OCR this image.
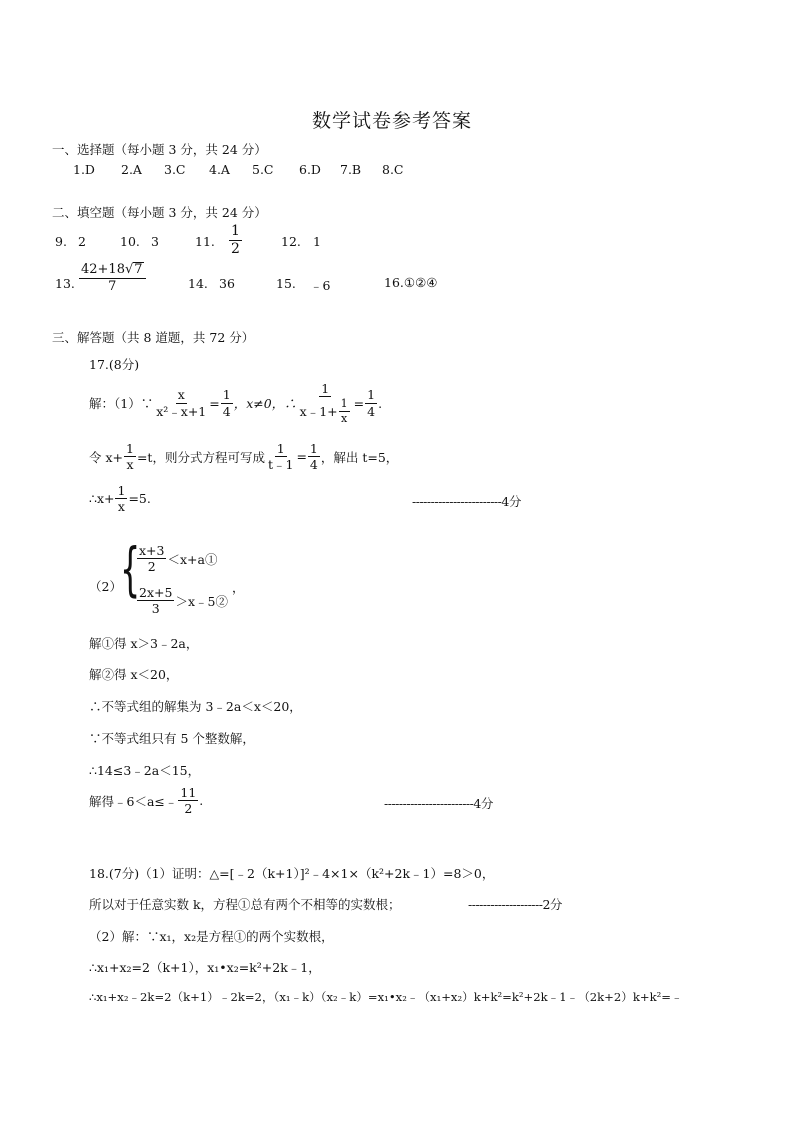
数学试卷参考答案
一、选择题（每小题 3 分，共 24 分）
1.D 2.A 3.C 4.A 5.C 6.D 7.B 8.C
二、填空题（每小题 3 分，共 24 分）
9. 2	10. 3	11. $\frac{1}{2}$	12. 1
13. $\frac{42+18√7}{7}$	14. 36	15. ﹣6	16.①②④
三、解答题（共 8 道题，共 72 分）
17.(8分)
解：（1）∵ $\frac{x}{\text{x²﹣x+1}} = \frac{1}{4}$ ，x≠0，∴ $\frac{1}{x﹣1+ \frac{1}{x}} = \frac{1}{4}$ .
令 $x+ \frac{1}{x} =t$，则分式方程可写成 $\frac{1}{t﹣1} = \frac{1}{4}$ ，解出 t=5，
∴x+ $\frac{1}{x} =5$.	------------------------4分
（2）
{
$\frac{x+3}{2}$ ＜x+a①
$\frac{2x+5}{3}$ ＞x﹣5②
，
解①得 x＞3﹣2a，
解②得 x＜20，
∴不等式组的解集为 3﹣2a＜x＜20，
∵不等式组只有 5 个整数解，
∴14≤3﹣2a＜15，
解得﹣6＜a≤﹣ $\frac{11}{2}$ .	------------------------4分
18.(7分)（1）证明：△=[﹣2（k+1）]²﹣4×1×（k²+2k﹣1）=8＞0，
所以对于任意实数 k，方程①总有两个不相等的实数根；	--------------------2分
（2）解：∵x₁，x₂是方程①的两个实数根，
∴x₁+x₂=2（k+1），x₁•x₂=k²+2k﹣1，
∴x₁+x₂﹣2k=2（k+1）﹣2k=2，（x₁﹣k）（x₂﹣k）=x₁•x₂﹣（x₁+x₂）k+k²=k²+2k﹣1﹣（2k+2）k+k²=﹣
